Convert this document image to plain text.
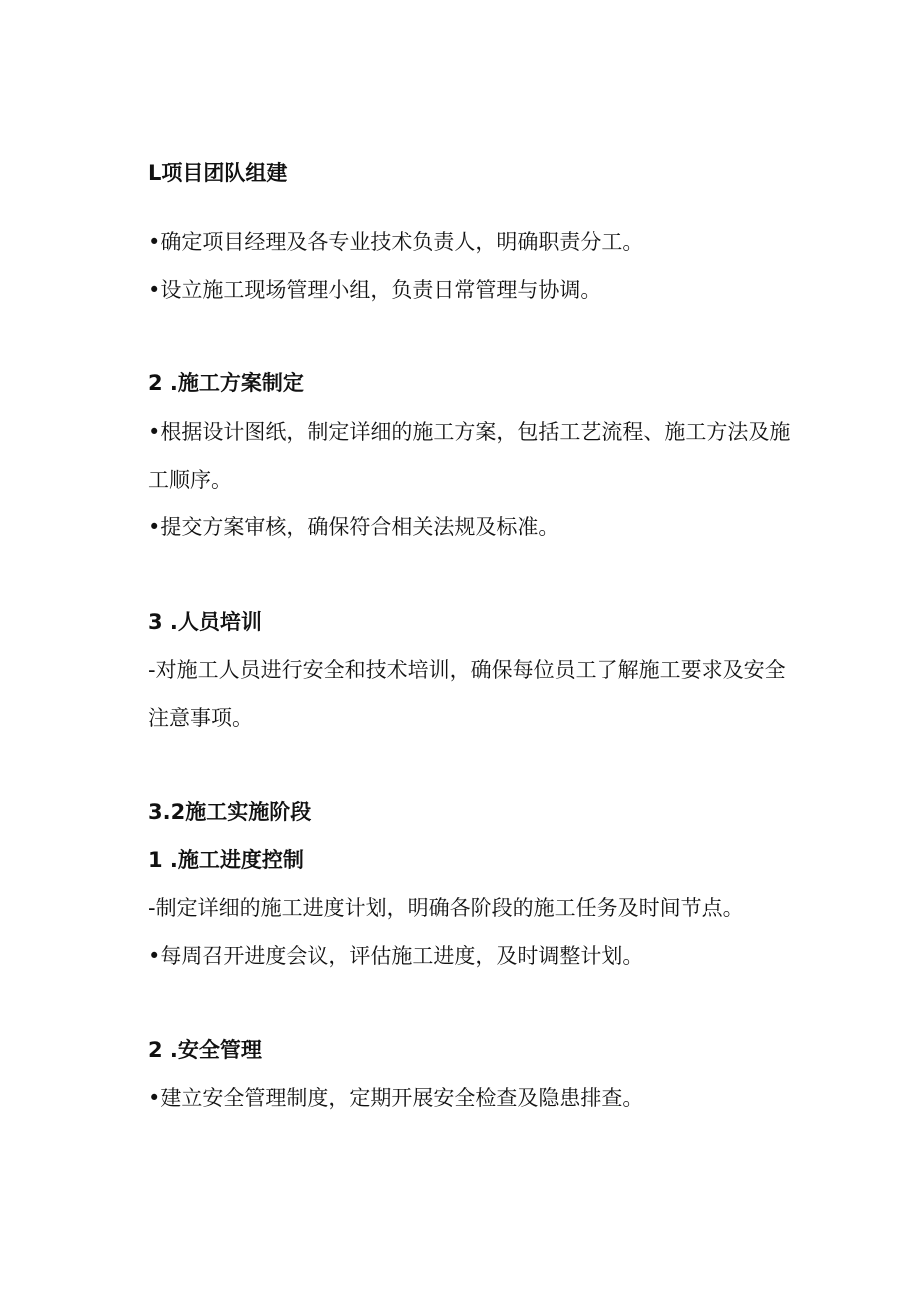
L项目团队组建
•确定项目经理及各专业技术负责人，明确职责分工。
•设立施工现场管理小组，负责日常管理与协调。
2 .施工方案制定
•根据设计图纸，制定详细的施工方案，包括工艺流程、施工方法及施
工顺序。
•提交方案审核，确保符合相关法规及标准。
3 .人员培训
-对施工人员进行安全和技术培训，确保每位员工了解施工要求及安全
注意事项。
3.2施工实施阶段
1 .施工进度控制
-制定详细的施工进度计划，明确各阶段的施工任务及时间节点。
•每周召开进度会议，评估施工进度，及时调整计划。
2 .安全管理
•建立安全管理制度，定期开展安全检查及隐患排查。
